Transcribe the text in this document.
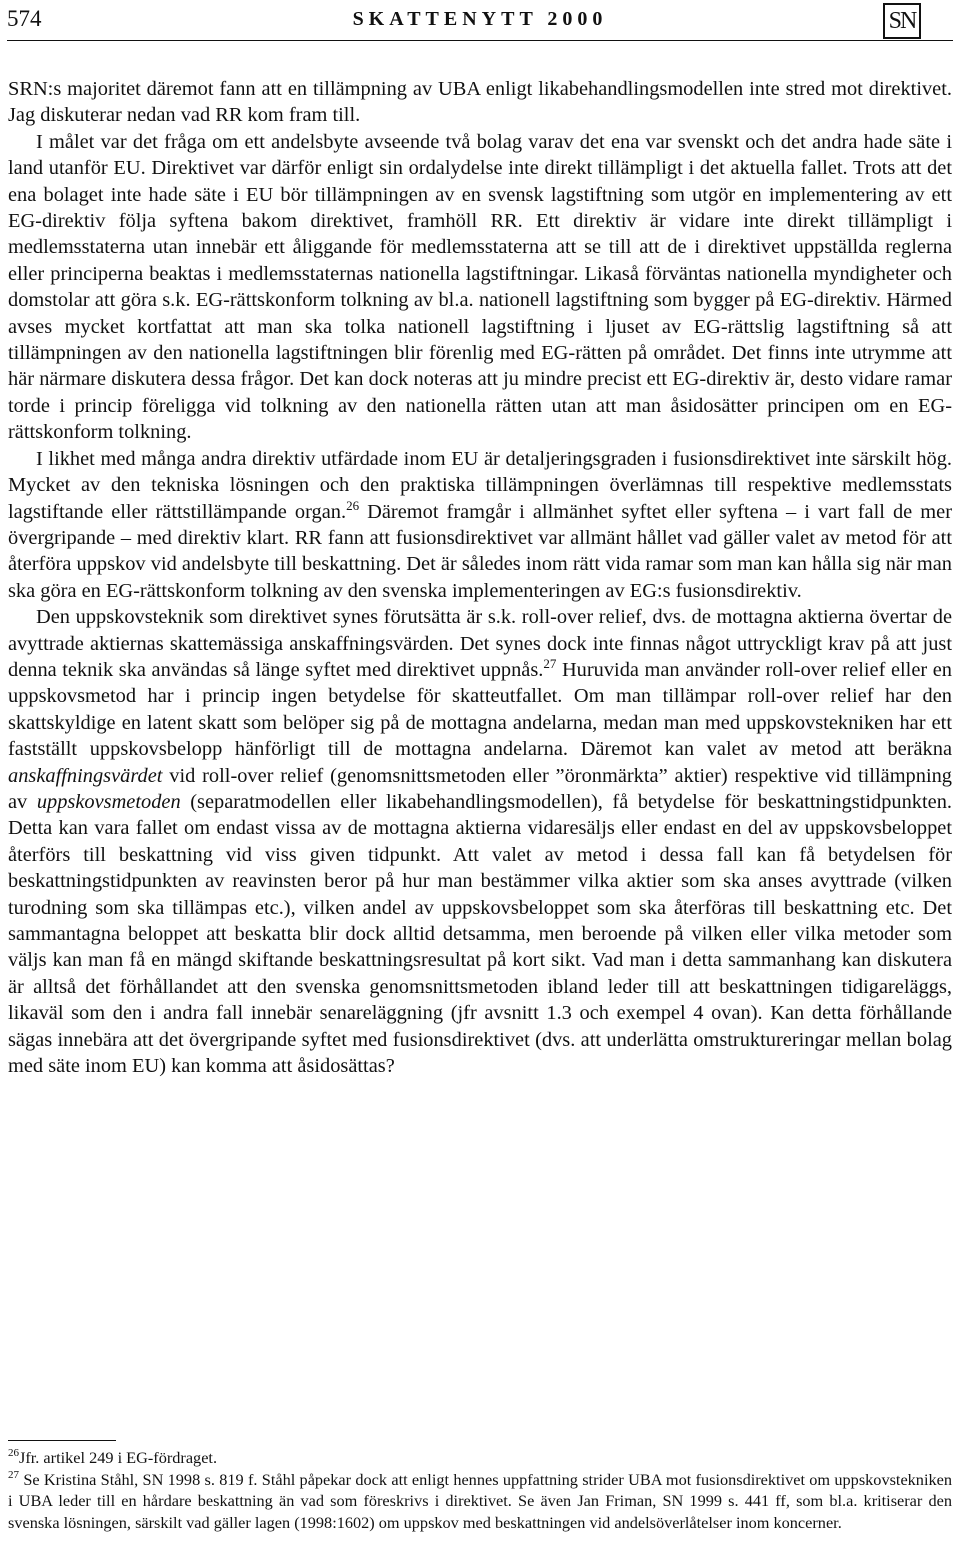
574	SKATTENYTT 2000	SN

SRN:s majoritet däremot fann att en tillämpning av UBA enligt likabehandlingsmodellen inte stred mot direktivet. Jag diskuterar nedan vad RR kom fram till.

I målet var det fråga om ett andelsbyte avseende två bolag varav det ena var svenskt och det andra hade säte i land utanför EU. Direktivet var därför enligt sin ordalydelse inte direkt tillämpligt i det aktuella fallet. Trots att det ena bolaget inte hade säte i EU bör tillämpningen av en svensk lagstiftning som utgör en implementering av ett EG-direktiv följa syftena bakom direktivet, framhöll RR. Ett direktiv är vidare inte direkt tillämpligt i medlemsstaterna utan innebär ett åliggande för medlemsstaterna att se till att de i direktivet uppställda reglerna eller principerna beaktas i medlemsstaternas nationella lagstiftningar. Likaså förväntas nationella myndigheter och domstolar att göra s.k. EG-rättskonform tolkning av bl.a. nationell lagstiftning som bygger på EG-direktiv. Härmed avses mycket kortfattat att man ska tolka nationell lagstiftning i ljuset av EG-rättslig lagstiftning så att tillämpningen av den nationella lagstiftningen blir förenlig med EG-rätten på området. Det finns inte utrymme att här närmare diskutera dessa frågor. Det kan dock noteras att ju mindre precist ett EG-direktiv är, desto vidare ramar torde i princip föreligga vid tolkning av den nationella rätten utan att man åsidosätter principen om en EG-rättskonform tolkning.

I likhet med många andra direktiv utfärdade inom EU är detaljeringsgraden i fusionsdirektivet inte särskilt hög. Mycket av den tekniska lösningen och den praktiska tillämpningen överlämnas till respektive medlemsstats lagstiftande eller rättstillämpande organ.$^{26}$ Däremot framgår i allmänhet syftet eller syftena – i vart fall de mer övergripande – med direktiv klart. RR fann att fusionsdirektivet var allmänt hållet vad gäller valet av metod för att återföra uppskov vid andelsbyte till beskattning. Det är således inom rätt vida ramar som man kan hålla sig när man ska göra en EG-rättskonform tolkning av den svenska implementeringen av EG:s fusionsdirektiv.

Den uppskovsteknik som direktivet synes förutsätta är s.k. roll-over relief, dvs. de mottagna aktierna övertar de avyttrade aktiernas skattemässiga anskaffningsvärden. Det synes dock inte finnas något uttryckligt krav på att just denna teknik ska användas så länge syftet med direktivet uppnås.$^{27}$ Huruvida man använder roll-over relief eller en uppskovsmetod har i princip ingen betydelse för skatteutfallet. Om man tillämpar roll-over relief har den skattskyldige en latent skatt som belöper sig på de mottagna andelarna, medan man med uppskovstekniken har ett fastställt uppskovsbelopp hänförligt till de mottagna andelarna. Däremot kan valet av metod att beräkna anskaffningsvärdet vid roll-over relief (genomsnittsmetoden eller ”öronmärkta” aktier) respektive vid tillämpning av uppskovsmetoden (separatmodellen eller likabehandlingsmodellen), få betydelse för beskattningstidpunkten. Detta kan vara fallet om endast vissa av de mottagna aktierna vidaresäljs eller endast en del av uppskovsbeloppet återförs till beskattning vid viss given tidpunkt. Att valet av metod i dessa fall kan få betydelsen för beskattningstidpunkten av reavinsten beror på hur man bestämmer vilka aktier som ska anses avyttrade (vilken turodning som ska tillämpas etc.), vilken andel av uppskovsbeloppet som ska återföras till beskattning etc. Det sammantagna beloppet att beskatta blir dock alltid detsamma, men beroende på vilken eller vilka metoder som väljs kan man få en mängd skiftande beskattningsresultat på kort sikt. Vad man i detta sammanhang kan diskutera är alltså det förhållandet att den svenska genomsnittsmetoden ibland leder till att beskattningen tidigareläggs, likaväl som den i andra fall innebär senareläggning (jfr avsnitt 1.3 och exempel 4 ovan). Kan detta förhållande sägas innebära att det övergripande syftet med fusionsdirektivet (dvs. att underlätta omstruktureringar mellan bolag med säte inom EU) kan komma att åsidosättas?

$^{26}$Jfr. artikel 249 i EG-fördraget.

$^{27}$ Se Kristina Ståhl, SN 1998 s. 819 f. Ståhl påpekar dock att enligt hennes uppfattning strider UBA mot fusionsdirektivet om uppskovstekniken i UBA leder till en hårdare beskattning än vad som föreskrivs i direktivet. Se även Jan Friman, SN 1999 s. 441 ff, som bl.a. kritiserar den svenska lösningen, särskilt vad gäller lagen (1998:1602) om uppskov med beskattningen vid andelsöverlåtelser inom koncerner.
